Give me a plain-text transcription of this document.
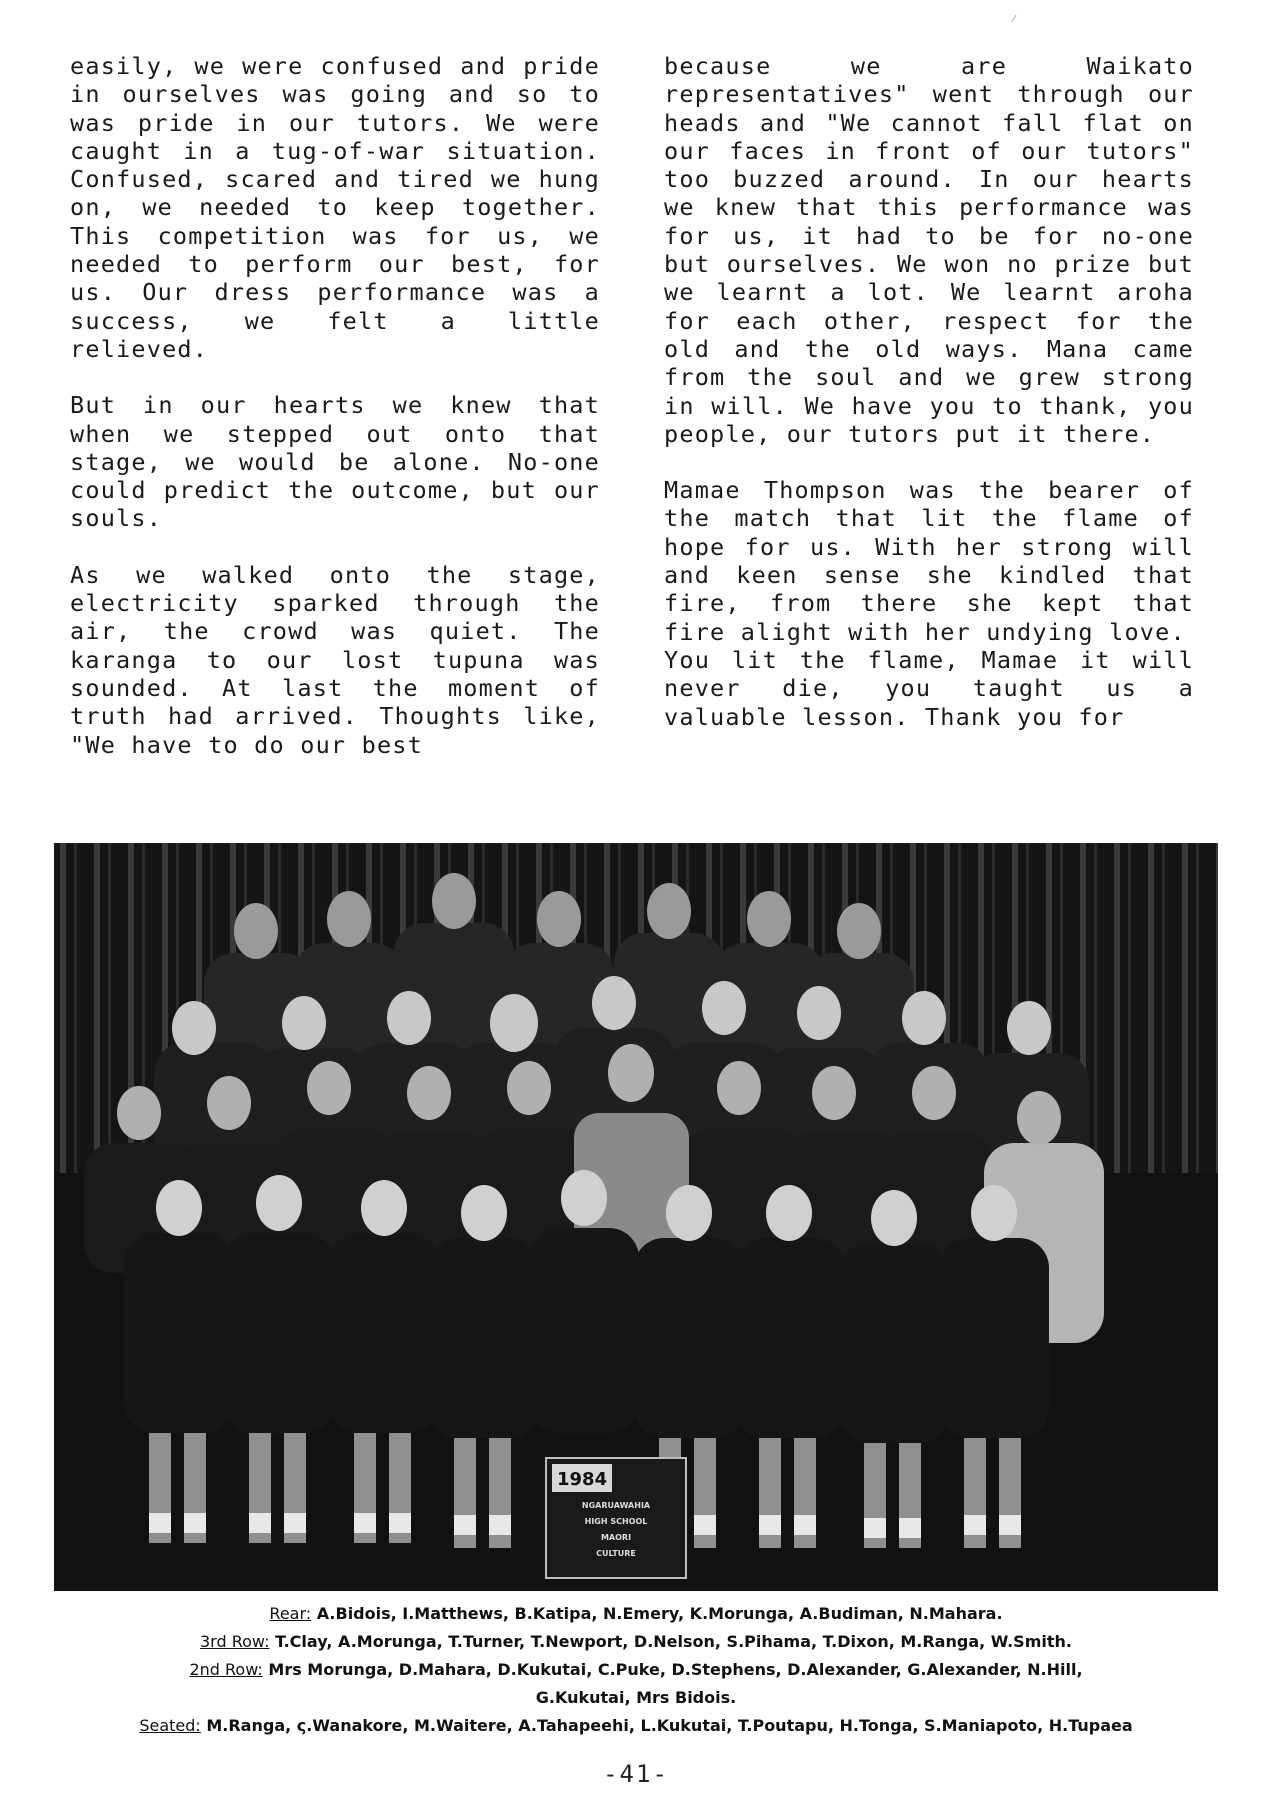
⁄

easily, we were confused and pride in ourselves was going and so to was pride in our tutors. We were caught in a tug-of-war situation. Confused, scared and tired we hung on, we needed to keep together. This competition was for us, we needed to perform our best, for us. Our dress performance was a success, we felt a little relieved.

But in our hearts we knew that when we stepped out onto that stage, we would be alone. No-one could predict the outcome, but our souls.

As we walked onto the stage, electricity sparked through the air, the crowd was quiet. The karanga to our lost tupuna was sounded. At last the moment of truth had arrived. Thoughts like, "We have to do our best

because we are Waikato representatives" went through our heads and "We cannot fall flat on our faces in front of our tutors" too buzzed around. In our hearts we knew that this performance was for us, it had to be for no-one but ourselves. We won no prize but we learnt a lot. We learnt aroha for each other, respect for the old and the old ways. Mana came from the soul and we grew strong in will. We have you to thank, you people, our tutors put it there.

Mamae Thompson was the bearer of the match that lit the flame of hope for us. With her strong will and keen sense she kindled that fire, from there she kept that fire alight with her undying love.

You lit the flame, Mamae it will never die, you taught us a valuable lesson. Thank you for

1984
NGARUAWAHIA
HIGH SCHOOL
MAORI
CULTURE
Rear: A.Bidois, I.Matthews, B.Katipa, N.Emery, K.Morunga, A.Budiman, N.Mahara.
3rd Row: T.Clay, A.Morunga, T.Turner, T.Newport, D.Nelson, S.Pihama, T.Dixon, M.Ranga, W.Smith.
2nd Row: Mrs Morunga, D.Mahara, D.Kukutai, C.Puke, D.Stephens, D.Alexander, G.Alexander, N.Hill,
G.Kukutai, Mrs Bidois.
Seated: M.Ranga, ς.Wanakore, M.Waitere, A.Tahapeehi, L.Kukutai, T.Poutapu, H.Tonga, S.Maniapoto, H.Tupaea
-41-
